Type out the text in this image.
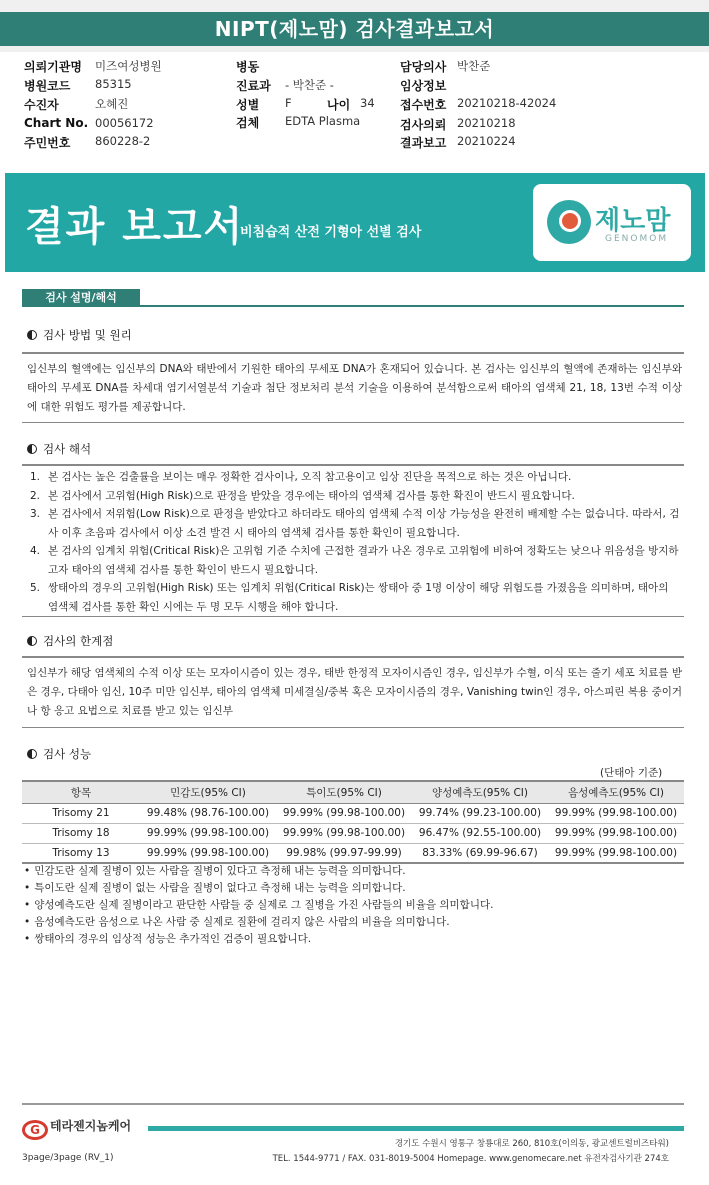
NIPT(제노맘) 검사결과보고서
의뢰기관명 미즈여성병원
병원코드 85315
수진자	오혜진
Chart No. 00056172
주민번호 860228-2
병동
진료과 - 박찬준 -
성별 F	나이 34
검체 EDTA Plasma
담당의사 박찬준
임상정보
접수번호 20210218-42024
검사의뢰 20210218
결과보고 20210224
결과 보고서
비침습적 산전 기형아 선별 검사	제노맘
GENOMOM
검사 설명/해석
검사 방법 및 원리
임신부의 혈액에는 임신부의 DNA와 태반에서 기원한 태아의 무세포 DNA가 혼재되어 있습니다. 본 검사는 임신부의 혈액에 존재하는 임신부와 태아의 무세포 DNA를 차세대 염기서열분석 기술과 첨단 정보처리 분석 기술을 이용하여 분석함으로써 태아의 염색체 21, 18, 13번 수적 이상에 대한 위험도 평가를 제공합니다.
검사 해석
1. 본 검사는 높은 검출률을 보이는 매우 정확한 검사이나, 오직 참고용이고 임상 진단을 목적으로 하는 것은 아닙니다.
2. 본 검사에서 고위험(High Risk)으로 판정을 받았을 경우에는 태아의 염색체 검사를 통한 확진이 반드시 필요합니다.
3. 본 검사에서 저위험(Low Risk)으로 판정을 받았다고 하더라도 태아의 염색체 수적 이상 가능성을 완전히 배제할 수는 없습니다. 따라서, 검사 이후 초음파 검사에서 이상 소견 발견 시 태아의 염색체 검사를 통한 확인이 필요합니다.
4. 본 검사의 임계치 위험(Critical Risk)은 고위험 기준 수치에 근접한 결과가 나온 경우로 고위험에 비하여 정확도는 낮으나 위음성을 방지하고자 태아의 염색체 검사를 통한 확인이 반드시 필요합니다.
5. 쌍태아의 경우의 고위험(High Risk) 또는 임계치 위험(Critical Risk)는 쌍태아 중 1명 이상이 해당 위험도를 가졌음을 의미하며, 태아의 염색체 검사를 통한 확인 시에는 두 명 모두 시행을 해야 합니다.
검사의 한계점
임신부가 해당 염색체의 수적 이상 또는 모자이시즘이 있는 경우, 태반 한정적 모자이시즘인 경우, 임신부가 수혈, 이식 또는 줄기 세포 치료를 받은 경우, 다태아 임신, 10주 미만 임신부, 태아의 염색체 미세결실/중복 혹은 모자이시즘의 경우, Vanishing twin인 경우, 아스피린 복용 중이거나 항 응고 요법으로 치료를 받고 있는 임신부
검사 성능
(단태아 기준)
항목	민감도(95% CI)	특이도(95% CI)	양성예측도(95% CI)	음성예측도(95% CI)
Trisomy 21	99.48% (98.76-100.00)	99.99% (99.98-100.00)	99.74% (99.23-100.00)	99.99% (99.98-100.00)
Trisomy 18	99.99% (99.98-100.00)	99.99% (99.98-100.00)	96.47% (92.55-100.00)	99.99% (99.98-100.00)
Trisomy 13	99.99% (99.98-100.00)	99.98% (99.97-99.99)	83.33% (69.99-96.67)	99.99% (99.98-100.00)
• 민감도란 실제 질병이 있는 사람을 질병이 있다고 측정해 내는 능력을 의미합니다.
• 특이도란 실제 질병이 없는 사람을 질병이 없다고 측정해 내는 능력을 의미합니다.
• 양성예측도란 실제 질병이라고 판단한 사람들 중 실제로 그 질병을 가진 사람들의 비율을 의미합니다.
• 음성예측도란 음성으로 나온 사람 중 실제로 질환에 걸리지 않은 사람의 비율을 의미합니다.
• 쌍태아의 경우의 임상적 성능은 추가적인 검증이 필요합니다.
G 테라젠지놈케어
경기도 수원시 영통구 창룡대로 260, 810호(이의동, 광교센트럴비즈타워)
TEL. 1544-9771 / FAX. 031-8019-5004 Homepage. www.genomecare.net 유전자검사기관 274호
3page/3page (RV_1)
